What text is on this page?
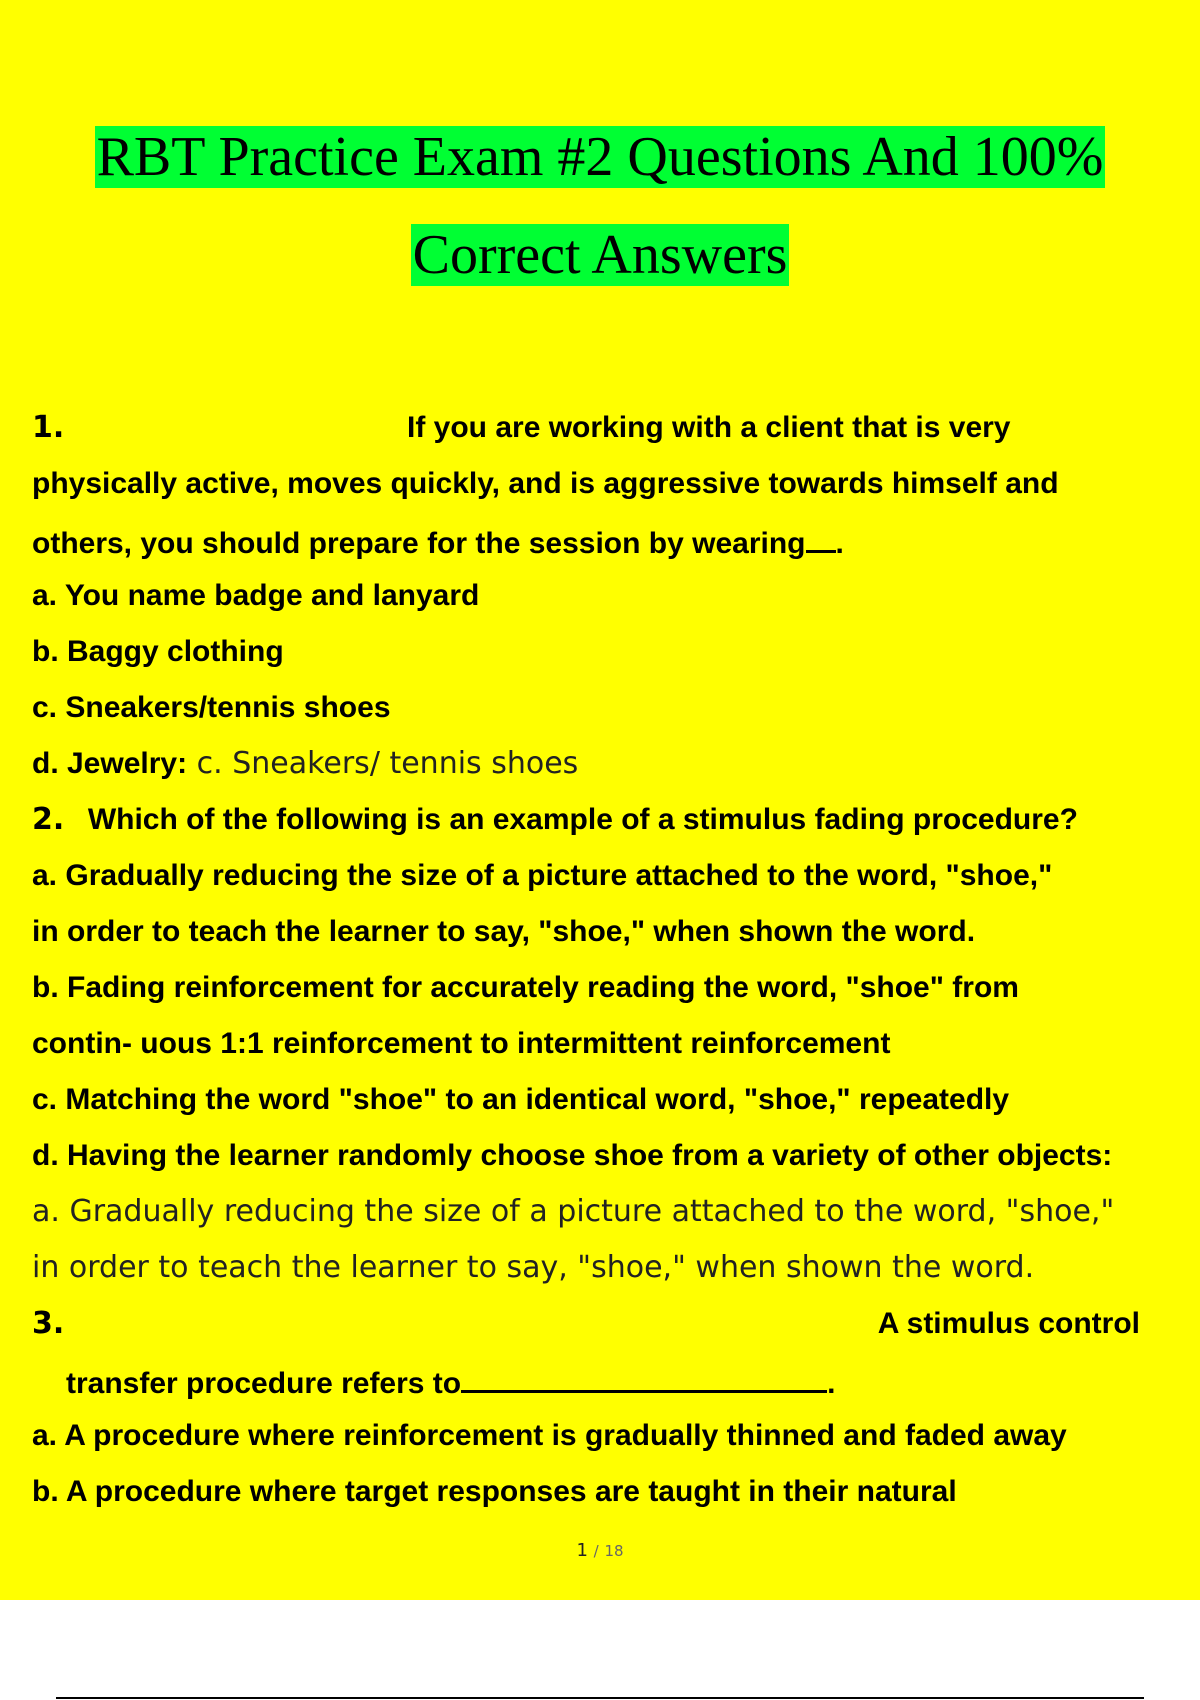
RBT Practice Exam #2 Questions And 100%
Correct Answers
1.	If you are working with a client that is very
physically active, moves quickly, and is aggressive towards himself and
others, you should prepare for the session by wearing .
a. You name badge and lanyard
b. Baggy clothing
c. Sneakers/tennis shoes
d. Jewelry: c. Sneakers/ tennis shoes
2. Which of the following is an example of a stimulus fading procedure?
a. Gradually reducing the size of a picture attached to the word, "shoe,"
in order to teach the learner to say, "shoe," when shown the word.
b. Fading reinforcement for accurately reading the word, "shoe" from
contin- uous 1:1 reinforcement to intermittent reinforcement
c. Matching the word "shoe" to an identical word, "shoe," repeatedly
d. Having the learner randomly choose shoe from a variety of other objects:
a. Gradually reducing the size of a picture attached to the word, "shoe,"
in order to teach the learner to say, "shoe," when shown the word.
3.	A stimulus control
transfer procedure refers to	.
a. A procedure where reinforcement is gradually thinned and faded away
b. A procedure where target responses are taught in their natural
1 / 18
